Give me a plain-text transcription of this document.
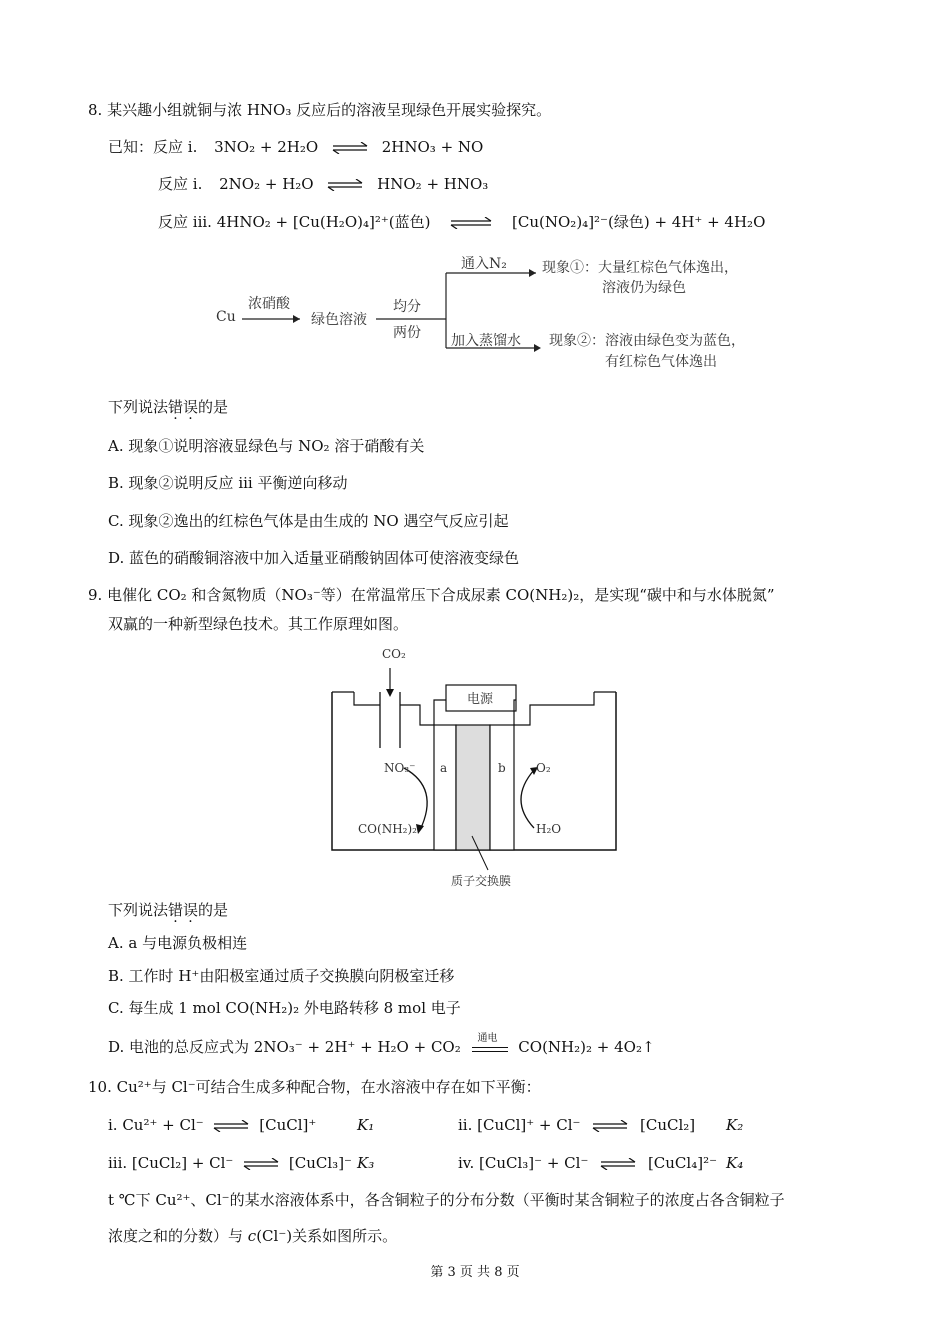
8. 某兴趣小组就铜与浓 HNO₃ 反应后的溶液呈现绿色开展实验探究。
已知：反应 i. 3NO₂ + 2H₂O ⇌ 2HNO₃ + NO
反应 i. 2NO₂ + H₂O ⇌ HNO₂ + HNO₃
反应 iii. 4HNO₂ + [Cu(H₂O)₄]²⁺(蓝色) ⇌ [Cu(NO₂)₄]²⁻(绿色) + 4H⁺ + 4H₂O
Cu
浓硝酸
绿色溶液
均分
两份
通入N₂
加入蒸馏水
现象①：大量红棕色气体逸出，
溶液仍为绿色
现象②：溶液由绿色变为蓝色，
有红棕色气体逸出
下列说法错误的是
A. 现象①说明溶液显绿色与 NO₂ 溶于硝酸有关
B. 现象②说明反应 iii 平衡逆向移动
C. 现象②逸出的红棕色气体是由生成的 NO 遇空气反应引起
D. 蓝色的硝酸铜溶液中加入适量亚硝酸钠固体可使溶液变绿色
9. 电催化 CO₂ 和含氮物质（NO₃⁻等）在常温常压下合成尿素 CO(NH₂)₂，是实现“碳中和与水体脱氮”
双赢的一种新型绿色技术。其工作原理如图。
CO₂
电源
a	b
NO₃⁻
CO(NH₂)₂
O₂
H₂O
质子交换膜
下列说法错误的是
A. a 与电源负极相连
B. 工作时 H⁺由阳极室通过质子交换膜向阴极室迁移
C. 每生成 1 mol CO(NH₂)₂ 外电路转移 8 mol 电子
D. 电池的总反应式为 2NO₃⁻ + 2H⁺ + H₂O + CO₂ 通电 CO(NH₂)₂ + 4O₂↑
10. Cu²⁺与 Cl⁻可结合生成多种配合物，在水溶液中存在如下平衡：
i. Cu²⁺ + Cl⁻ ⇌ [CuCl]⁺	K₁	ii. [CuCl]⁺ + Cl⁻ ⇌ [CuCl₂] K₂
iii. [CuCl₂] + Cl⁻ ⇌ [CuCl₃]⁻ K₃	iv. [CuCl₃]⁻ + Cl⁻ ⇌ [CuCl₄]²⁻ K₄
t ℃下 Cu²⁺、Cl⁻的某水溶液体系中，各含铜粒子的分布分数（平衡时某含铜粒子的浓度占各含铜粒子
浓度之和的分数）与 c(Cl⁻)关系如图所示。
第 3 页 共 8 页
